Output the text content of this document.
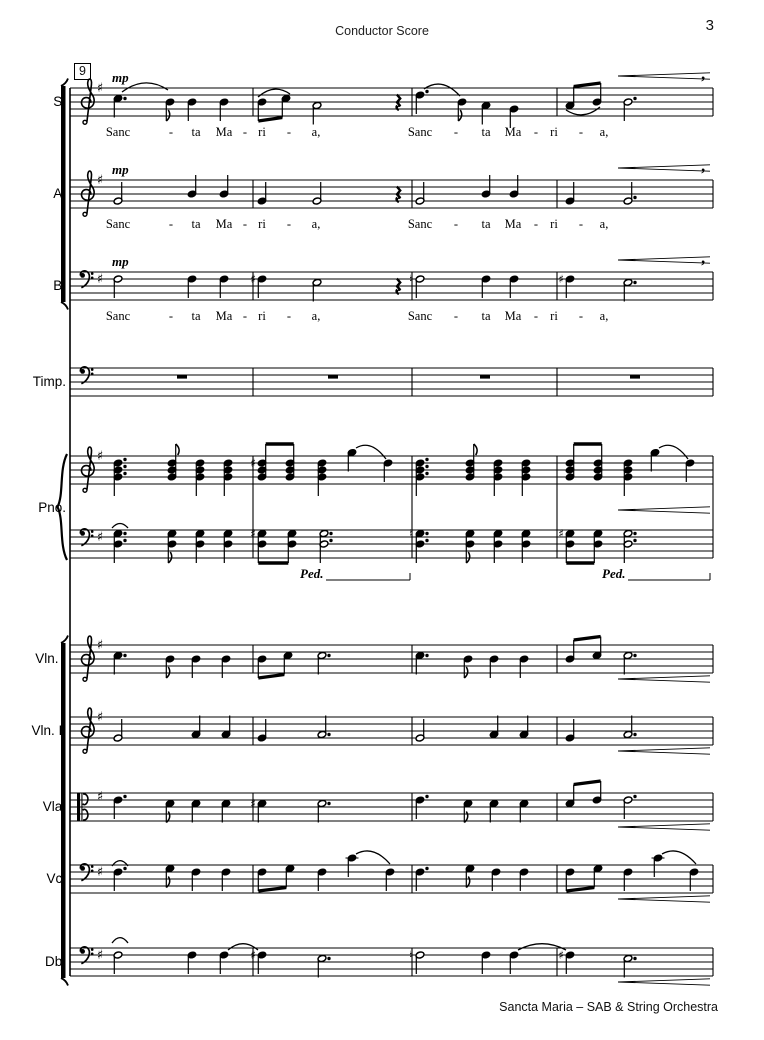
Conductor Score	3
9
♯
S.
mp	’
♯
A.
mp	’
♯
B.
mp	’
♯	♮	♯
Timp.
♯
Pno.
♯
♯	♯	♮	♯
♯
Vln. I
♯
Vln. II
♯
Vla.	♯
♯
Vc.
♯
Db.	♯	♮	♯
Sanc	- ta Ma - ri - a,	Sanc - ta Ma - ri - a,
Sanc	- ta Ma - ri - a,	Sanc - ta Ma - ri - a,
Sanc	- ta Ma - ri - a,	Sanc - ta Ma - ri - a,
Ped.	Ped.
Sancta Maria – SAB & String Orchestra
